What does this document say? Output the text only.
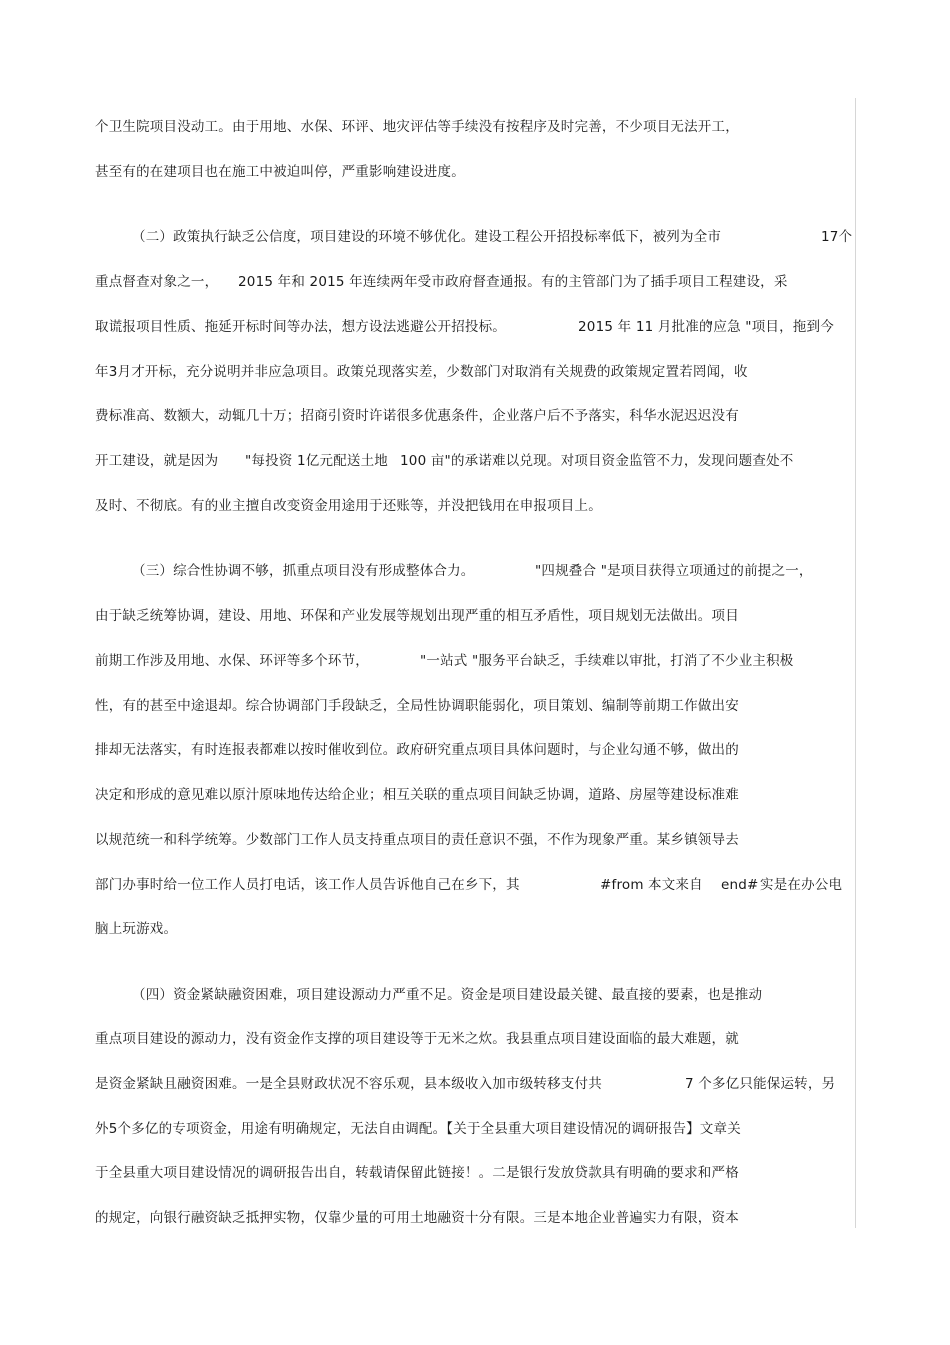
个卫生院项目没动工。由于用地、水保、环评、地灾评估等手续没有按程序及时完善，不少项目无法开工，
甚至有的在建项目也在施工中被迫叫停，严重影响建设进度。
（二）政策执行缺乏公信度，项目建设的环境不够优化。建设工程公开招投标率低下，被列为全市	17个
重点督查对象之一， 2015 年和 2015 年连续两年受市政府督查通报。有的主管部门为了插手项目工程建设，采
取谎报项目性质、拖延开标时间等办法，想方设法逃避公开招投标。	2015 年 11 月批准的
"应急 "项目，拖到今
年3月才开标，充分说明并非应急项目。政策兑现落实差，少数部门对取消有关规费的政策规定置若罔闻，收
费标准高、数额大，动辄几十万；招商引资时许诺很多优惠条件，企业落户后不予落实，科华水泥迟迟没有
开工建设，就是因为 "每投资 1亿元配送土地 100 亩"的承诺难以兑现。对项目资金监管不力，发现问题查处不
及时、不彻底。有的业主擅自改变资金用途用于还账等，并没把钱用在申报项目上。
（三）综合性协调不够，抓重点项目没有形成整体合力。	"四规叠合 "是项目获得立项通过的前提之一，
由于缺乏统筹协调，建设、用地、环保和产业发展等规划出现严重的相互矛盾性，项目规划无法做出。项目
前期工作涉及用地、水保、环评等多个环节，	"一站式 "服务平台缺乏，手续难以审批，打消了不少业主积极
性，有的甚至中途退却。综合协调部门手段缺乏，全局性协调职能弱化，项目策划、编制等前期工作做出安
排却无法落实，有时连报表都难以按时催收到位。政府研究重点项目具体问题时，与企业勾通不够，做出的
决定和形成的意见难以原汁原味地传达给企业；相互关联的重点项目间缺乏协调，道路、房屋等建设标准难
以规范统一和科学统筹。少数部门工作人员支持重点项目的责任意识不强，不作为现象严重。某乡镇领导去
部门办事时给一位工作人员打电话，该工作人员告诉他自己在乡下，其	#from 本文来自 end# 实是在办公电
脑上玩游戏。
（四）资金紧缺融资困难，项目建设源动力严重不足。资金是项目建设最关键、最直接的要素，也是推动
重点项目建设的源动力，没有资金作支撑的项目建设等于无米之炊。我县重点项目建设面临的最大难题，就
是资金紧缺且融资困难。一是全县财政状况不容乐观，县本级收入加市级转移支付共	7 个多亿只能保运转，另
外5个多亿的专项资金，用途有明确规定，无法自由调配。【关于全县重大项目建设情况的调研报告】文章关
于全县重大项目建设情况的调研报告出自，转载请保留此链接！。二是银行发放贷款具有明确的要求和严格
的规定，向银行融资缺乏抵押实物，仅靠少量的可用土地融资十分有限。三是本地企业普遍实力有限，资本
